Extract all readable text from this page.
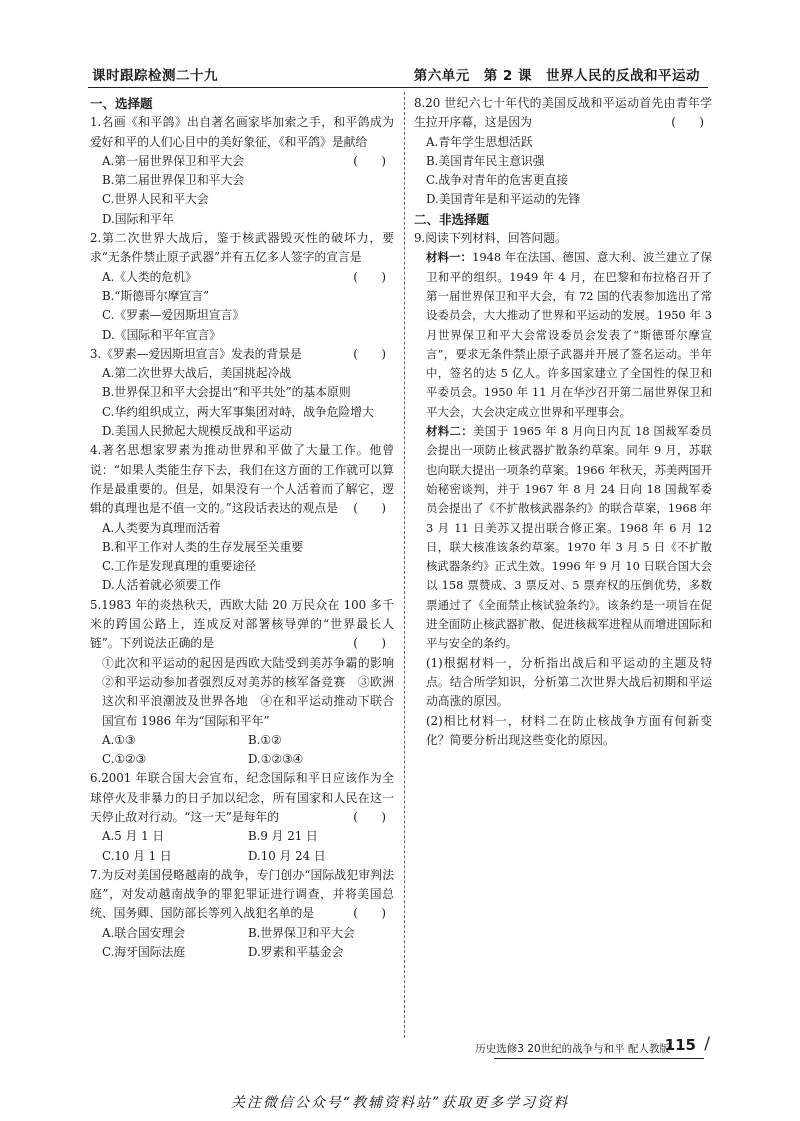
课时跟踪检测二十九	第六单元　第 2 课　世界人民的反战和平运动

一、选择题

1.名画《和平鸽》出自著名画家毕加索之手，和平鸽成为爱好和平的人们心目中的美好象征，《和平鸽》是献给
(　　)
A.第一届世界保卫和平大会
B.第二届世界保卫和平大会
C.世界人民和平大会
D.国际和平年
2.第二次世界大战后，鉴于核武器毁灭性的破坏力，要求“无条件禁止原子武器”并有五亿多人签字的宣言是
(　　)
A.《人类的危机》
B.“斯德哥尔摩宣言”
C.《罗素—爱因斯坦宣言》
D.《国际和平年宣言》
3.《罗素—爱因斯坦宣言》发表的背景是	(　　)
A.第二次世界大战后，美国挑起冷战
B.世界保卫和平大会提出“和平共处”的基本原则
C.华约组织成立，两大军事集团对峙，战争危险增大
D.美国人民掀起大规模反战和平运动
4.著名思想家罗素为推动世界和平做了大量工作。他曾说：“如果人类能生存下去，我们在这方面的工作就可以算作是最重要的。但是，如果没有一个人活着而了解它，逻辑的真理也是不值一文的。”这段话表达的观点是 (　　)
A.人类要为真理而活着
B.和平工作对人类的生存发展至关重要
C.工作是发现真理的重要途径
D.人活着就必须要工作
5.1983 年的炎热秋天，西欧大陆 20 万民众在 100 多千米的跨国公路上，连成反对部署核导弹的“世界最长人链”。下列说法正确的是	(　　)
①此次和平运动的起因是西欧大陆受到美苏争霸的影响　②和平运动参加者强烈反对美苏的核军备竞赛　③欧洲这次和平浪潮波及世界各地　④在和平运动推动下联合国宣布 1986 年为“国际和平年”
A.①③	B.①②
C.①②③	D.①②③④
6.2001 年联合国大会宣布，纪念国际和平日应该作为全球停火及非暴力的日子加以纪念，所有国家和人民在这一天停止敌对行动。“这一天”是每年的	(　　)
A.5 月 1 日	B.9 月 21 日
C.10 月 1 日	D.10 月 24 日
7.为反对美国侵略越南的战争，专门创办“国际战犯审判法庭”，对发动越南战争的罪犯罪证进行调查，并将美国总统、国务卿、国防部长等列入战犯名单的是	(　　)
A.联合国安理会	B.世界保卫和平大会
C.海牙国际法庭	D.罗素和平基金会
8.20 世纪六七十年代的美国反战和平运动首先由青年学生拉开序幕，这是因为	(　　)
A.青年学生思想活跃
B.美国青年民主意识强
C.战争对青年的危害更直接
D.美国青年是和平运动的先锋

二、非选择题

9.阅读下列材料，回答问题。
材料一：1948 年在法国、德国、意大利、波兰建立了保卫和平的组织。1949 年 4 月，在巴黎和布拉格召开了第一届世界保卫和平大会，有 72 国的代表参加选出了常设委员会，大大推动了世界和平运动的发展。1950 年 3 月世界保卫和平大会常设委员会发表了“斯德哥尔摩宣言”，要求无条件禁止原子武器并开展了签名运动。半年中，签名的达 5 亿人。许多国家建立了全国性的保卫和平委员会。1950 年 11 月在华沙召开第二届世界保卫和平大会，大会决定成立世界和平理事会。
材料二：美国于 1965 年 8 月向日内瓦 18 国裁军委员会提出一项防止核武器扩散条约草案。同年 9 月，苏联也向联大提出一项条约草案。1966 年秋天，苏美两国开始秘密谈判，并于 1967 年 8 月 24 日向 18 国裁军委员会提出了《不扩散核武器条约》的联合草案，1968 年 3 月 11 日美苏又提出联合修正案。1968 年 6 月 12 日，联大核准该条约草案。1970 年 3 月 5 日《不扩散核武器条约》正式生效。1996 年 9 月 10 日联合国大会以 158 票赞成、3 票反对、5 票弃权的压倒优势，多数票通过了《全面禁止核试验条约》。该条约是一项旨在促进全面防止核武器扩散、促进核裁军进程从而增进国际和平与安全的条约。
(1)根据材料一，分析指出战后和平运动的主题及特点。结合所学知识，分析第二次世界大战后初期和平运动高涨的原因。
(2)相比材料一，材料二在防止核战争方面有何新变化？简要分析出现这些变化的原因。
历史选修3 20世纪的战争与和平 配人教版
115 /
关注微信公众号“教辅资料站”获取更多学习资料
